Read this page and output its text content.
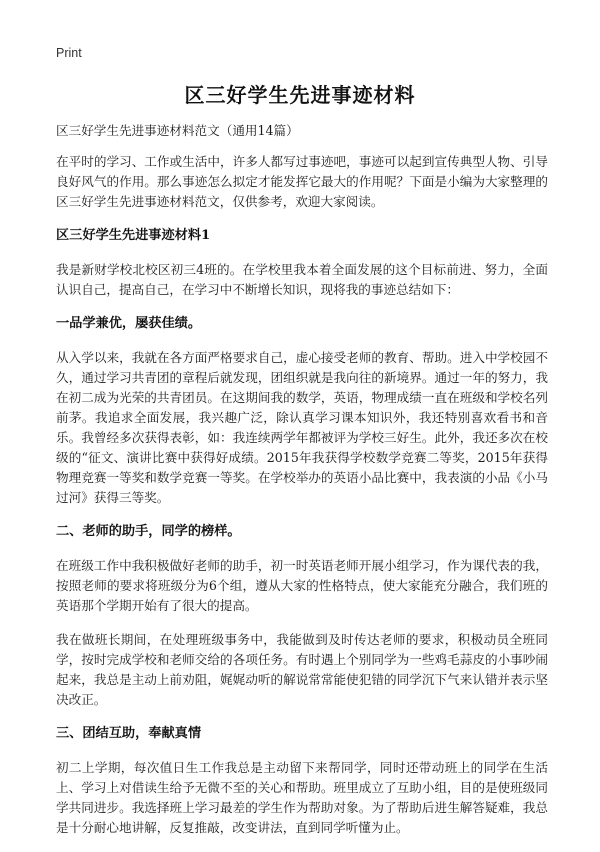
Print
区三好学生先进事迹材料

区三好学生先进事迹材料范文（通用14篇）

在平时的学习、工作或生活中，许多人都写过事迹吧，事迹可以起到宣传典型人物、引导良好风气的作用。那么事迹怎么拟定才能发挥它最大的作用呢？下面是小编为大家整理的区三好学生先进事迹材料范文，仅供参考，欢迎大家阅读。

区三好学生先进事迹材料1

我是新财学校北校区初三4班的。在学校里我本着全面发展的这个目标前进、努力，全面认识自己，提高自己，在学习中不断增长知识，现将我的事迹总结如下：

一品学兼优，屡获佳绩。

从入学以来，我就在各方面严格要求自己，虚心接受老师的教育、帮助。进入中学校园不久，通过学习共青团的章程后就发现，团组织就是我向往的新境界。通过一年的努力，我在初二成为光荣的共青团员。在这期间我的数学，英语，物理成绩一直在班级和学校名列前茅。我追求全面发展，我兴趣广泛，除认真学习课本知识外，我还特别喜欢看书和音乐。我曾经多次获得表彰，如：我连续两学年都被评为学校三好生。此外，我还多次在校级的“征文、演讲比赛中获得好成绩。2015年我获得学校数学竞赛二等奖，2015年获得物理竞赛一等奖和数学竞赛一等奖。在学校举办的英语小品比赛中，我表演的小品《小马过河》获得三等奖。

二、老师的助手，同学的榜样。

在班级工作中我积极做好老师的助手，初一时英语老师开展小组学习，作为课代表的我，按照老师的要求将班级分为6个组，遵从大家的性格特点，使大家能充分融合，我们班的英语那个学期开始有了很大的提高。

我在做班长期间，在处理班级事务中，我能做到及时传达老师的要求，积极动员全班同学，按时完成学校和老师交给的各项任务。有时遇上个别同学为一些鸡毛蒜皮的小事吵闹起来，我总是主动上前劝阻，娓娓动听的解说常常能使犯错的同学沉下气来认错并表示坚决改正。

三、团结互助，奉献真情

初二上学期，每次值日生工作我总是主动留下来帮同学，同时还带动班上的同学在生活上、学习上对借读生给予无微不至的关心和帮助。班里成立了互助小组，目的是使班级同学共同进步。我选择班上学习最差的学生作为帮助对象。为了帮助后进生解答疑难，我总是十分耐心地讲解，反复推敲，改变讲法，直到同学听懂为止。
